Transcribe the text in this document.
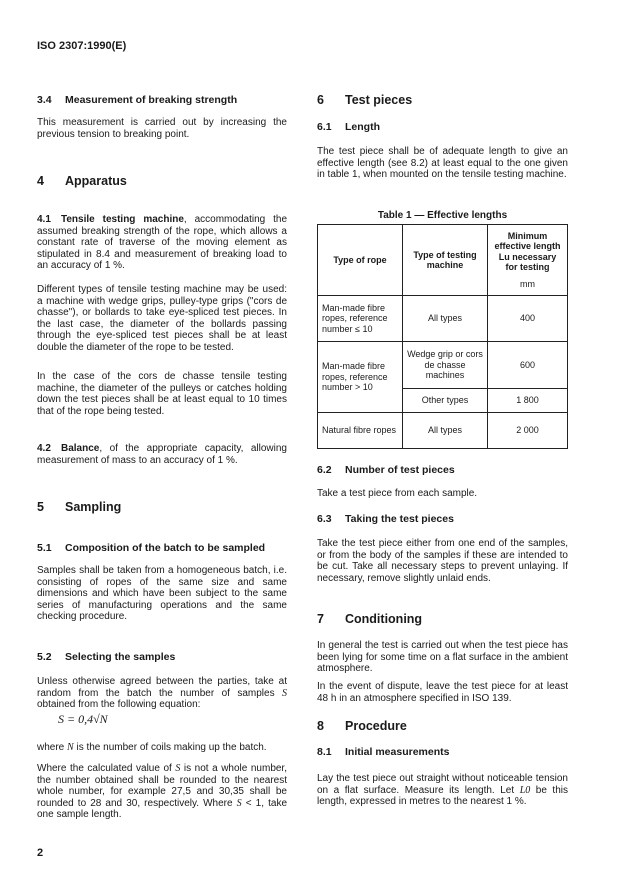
ISO 2307:1990(E)
3.4 Measurement of breaking strength
This measurement is carried out by increasing the previous tension to breaking point.
4 Apparatus
4.1 Tensile testing machine, accommodating the assumed breaking strength of the rope, which allows a constant rate of traverse of the moving element as stipulated in 8.4 and measurement of breaking load to an accuracy of 1 %.
Different types of tensile testing machine may be used: a machine with wedge grips, pulley-type grips ("cors de chasse"), or bollards to take eye-spliced test pieces. In the last case, the diameter of the bollards passing through the eye-spliced test pieces shall be at least double the diameter of the rope to be tested.
In the case of the cors de chasse tensile testing machine, the diameter of the pulleys or catches holding down the test pieces shall be at least equal to 10 times that of the rope being tested.
4.2 Balance, of the appropriate capacity, allowing measurement of mass to an accuracy of 1 %.
5 Sampling
5.1 Composition of the batch to be sampled
Samples shall be taken from a homogeneous batch, i.e. consisting of ropes of the same size and same dimensions and which have been subject to the same series of manufacturing operations and the same checking procedure.
5.2 Selecting the samples
Unless otherwise agreed between the parties, take at random from the batch the number of samples S obtained from the following equation:
S = 0,4√N
where N is the number of coils making up the batch.
Where the calculated value of S is not a whole number, the number obtained shall be rounded to the nearest whole number, for example 27,5 and 30,35 shall be rounded to 28 and 30, respectively. Where S < 1, take one sample length.
2
6 Test pieces
6.1 Length
The test piece shall be of adequate length to give an effective length (see 8.2) at least equal to the one given in table 1, when mounted on the tensile testing machine.
Table 1 — Effective lengths
Type of rope	Type of testing machine	Minimum effective length
Lu necessary for testing
mm

Man-made fibre ropes, reference number ≤ 10	All types	400
Man-made fibre ropes, reference number > 10	Wedge grip or cors de chasse machines	600
	Other types	1 800
Natural fibre ropes	All types	2 000
6.2 Number of test pieces
Take a test piece from each sample.
6.3 Taking the test pieces
Take the test piece either from one end of the samples, or from the body of the samples if these are intended to be cut. Take all necessary steps to prevent unlaying. If necessary, remove slightly unlaid ends.
7 Conditioning
In general the test is carried out when the test piece has been lying for some time on a flat surface in the ambient atmosphere.
In the event of dispute, leave the test piece for at least 48 h in an atmosphere specified in ISO 139.
8 Procedure
8.1 Initial measurements
Lay the test piece out straight without noticeable tension on a flat surface. Measure its length. Let L0 be this length, expressed in metres to the nearest 1 %.
